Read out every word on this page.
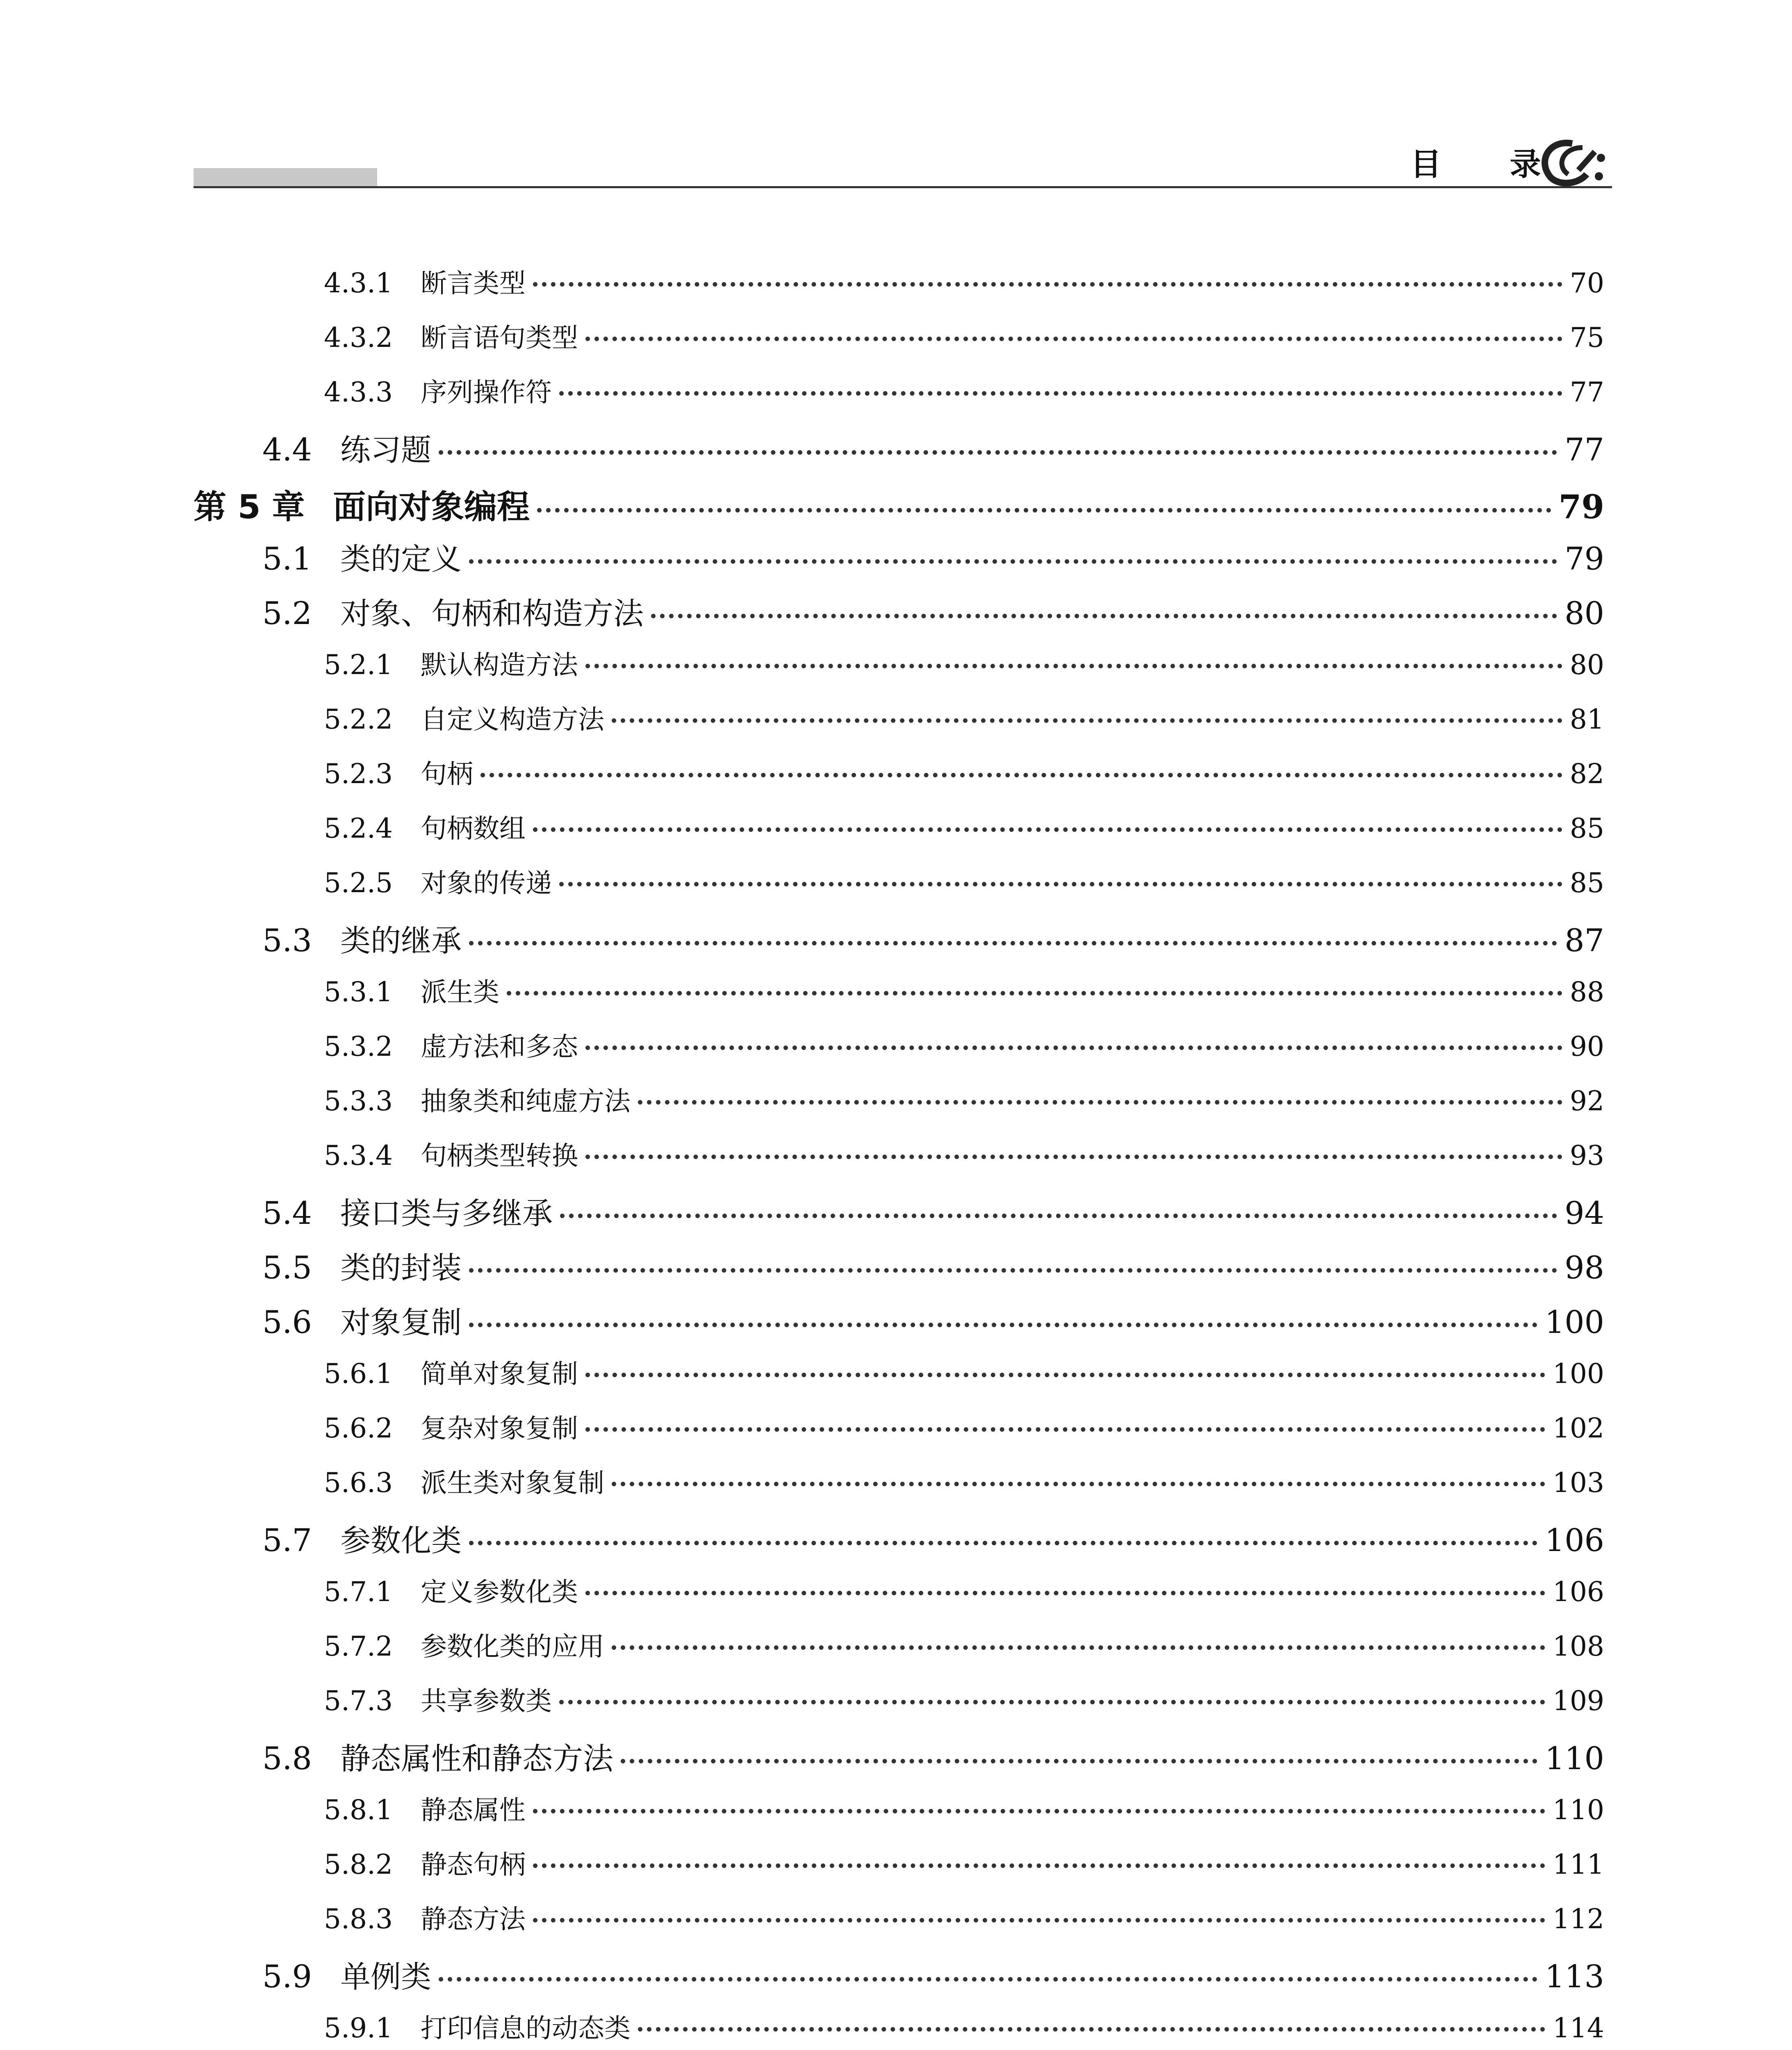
目 录
4.3.1	断言类型	70
4.3.2	断言语句类型	75
4.3.3	序列操作符	77
4.4 练习题	77
第 5 章 面向对象编程	79
5.1 类的定义	79
5.2 对象、句柄和构造方法	80
5.2.1	默认构造方法	80
5.2.2	自定义构造方法	81
5.2.3	句柄	82
5.2.4	句柄数组	85
5.2.5	对象的传递	85
5.3 类的继承	87
5.3.1	派生类	88
5.3.2	虚方法和多态	90
5.3.3	抽象类和纯虚方法	92
5.3.4	句柄类型转换	93
5.4 接口类与多继承	94
5.5 类的封装	98
5.6 对象复制	100
5.6.1	简单对象复制	100
5.6.2	复杂对象复制	102
5.6.3	派生类对象复制	103
5.7 参数化类	106
5.7.1	定义参数化类	106
5.7.2	参数化类的应用	108
5.7.3	共享参数类	109
5.8 静态属性和静态方法	110
5.8.1	静态属性	110
5.8.2	静态句柄	111
5.8.3	静态方法	112
5.9 单例类	113
5.9.1	打印信息的动态类	114
